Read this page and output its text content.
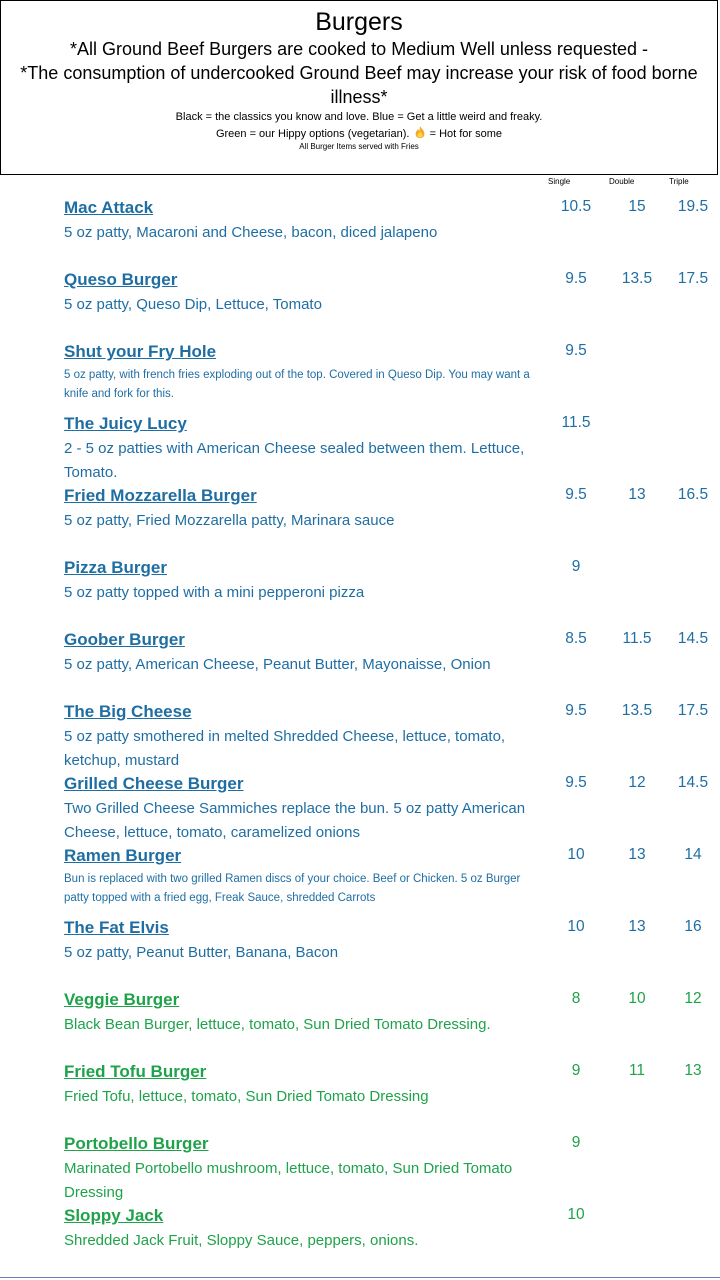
Burgers
*All Ground Beef Burgers are cooked to Medium Well unless requested -
*The consumption of undercooked Ground Beef may increase your risk of food borne illness*
Black = the classics you know and love. Blue = Get a little weird and freaky.
Green = our Hippy options (vegetarian). = Hot for some
All Burger Items served with Fries
Single	Double	Triple
Mac Attack
5 oz patty, Macaroni and Cheese, bacon, diced jalapeno
10.5	15	19.5
Queso Burger
5 oz patty, Queso Dip, Lettuce, Tomato
9.5	13.5	17.5
Shut your Fry Hole
5 oz patty, with french fries exploding out of the top. Covered in Queso Dip. You may want a knife and fork for this.
9.5
The Juicy Lucy
2 - 5 oz patties with American Cheese sealed between them. Lettuce, Tomato.
11.5
Fried Mozzarella Burger
5 oz patty, Fried Mozzarella patty, Marinara sauce
9.5	13	16.5
Pizza Burger
5 oz patty topped with a mini pepperoni pizza
9
Goober Burger
5 oz patty, American Cheese, Peanut Butter, Mayonaisse, Onion
8.5	11.5	14.5
The Big Cheese
5 oz patty smothered in melted Shredded Cheese, lettuce, tomato, ketchup, mustard
9.5	13.5	17.5
Grilled Cheese Burger
Two Grilled Cheese Sammiches replace the bun. 5 oz patty American Cheese, lettuce, tomato, caramelized onions
9.5	12	14.5
Ramen Burger
Bun is replaced with two grilled Ramen discs of your choice. Beef or Chicken. 5 oz Burger patty topped with a fried egg, Freak Sauce, shredded Carrots
10	13	14
The Fat Elvis
5 oz patty, Peanut Butter, Banana, Bacon
10	13	16
Veggie Burger
Black Bean Burger, lettuce, tomato, Sun Dried Tomato Dressing.
8	10	12
Fried Tofu Burger
Fried Tofu, lettuce, tomato, Sun Dried Tomato Dressing
9	11	13
Portobello Burger
Marinated Portobello mushroom, lettuce, tomato, Sun Dried Tomato Dressing
9
Sloppy Jack
Shredded Jack Fruit, Sloppy Sauce, peppers, onions.
10
